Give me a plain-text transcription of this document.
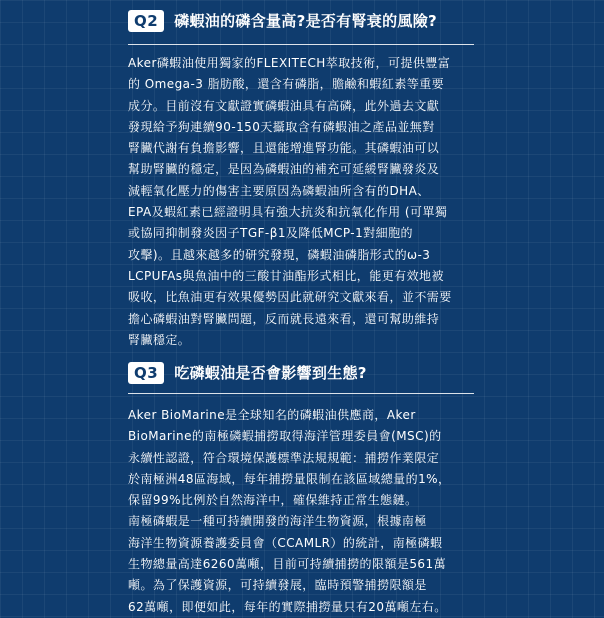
Q2	磷蝦油的磷含量高?是否有腎衰的風險?
Aker磷蝦油使用獨家的FLEXITECH萃取技術，可提供豐富
的 Omega-3 脂肪酸，還含有磷脂，膽鹼和蝦紅素等重要
成分。目前沒有文獻證實磷蝦油具有高磷，此外過去文獻
發現給予狗連續90-150天攝取含有磷蝦油之產品並無對
腎臟代謝有負擔影響，且還能增進腎功能。其磷蝦油可以
幫助腎臟的穩定，是因為磷蝦油的補充可延緩腎臟發炎及
減輕氧化壓力的傷害主要原因為磷蝦油所含有的DHA、
EPA及蝦紅素已經證明具有強大抗炎和抗氧化作用 (可單獨
或協同抑制發炎因子TGF-β1及降低MCP-1對細胞的
攻擊)。且越來越多的研究發現，磷蝦油磷脂形式的ω-3
LCPUFAs與魚油中的三酸甘油酯形式相比，能更有效地被
吸收，比魚油更有效果優勢因此就研究文獻來看，並不需要
擔心磷蝦油對腎臟問題，反而就長遠來看，還可幫助維持
腎臟穩定。
Q3	吃磷蝦油是否會影響到生態?
Aker BioMarine是全球知名的磷蝦油供應商，Aker
BioMarine的南極磷蝦捕撈取得海洋管理委員會(MSC)的
永續性認證，符合環境保護標準法規規範：捕撈作業限定
於南極洲48區海域，每年捕撈量限制在該區域總量的1%，
保留99%比例於自然海洋中，確保維持正常生態鏈。
南極磷蝦是一種可持續開發的海洋生物資源，根據南極
海洋生物資源養護委員會（CCAMLR）的統計，南極磷蝦
生物總量高達6260萬噸，目前可持續捕撈的限額是561萬
噸。為了保護資源，可持續發展，臨時預警捕撈限額是
62萬噸，即便如此，每年的實際捕撈量只有20萬噸左右。
